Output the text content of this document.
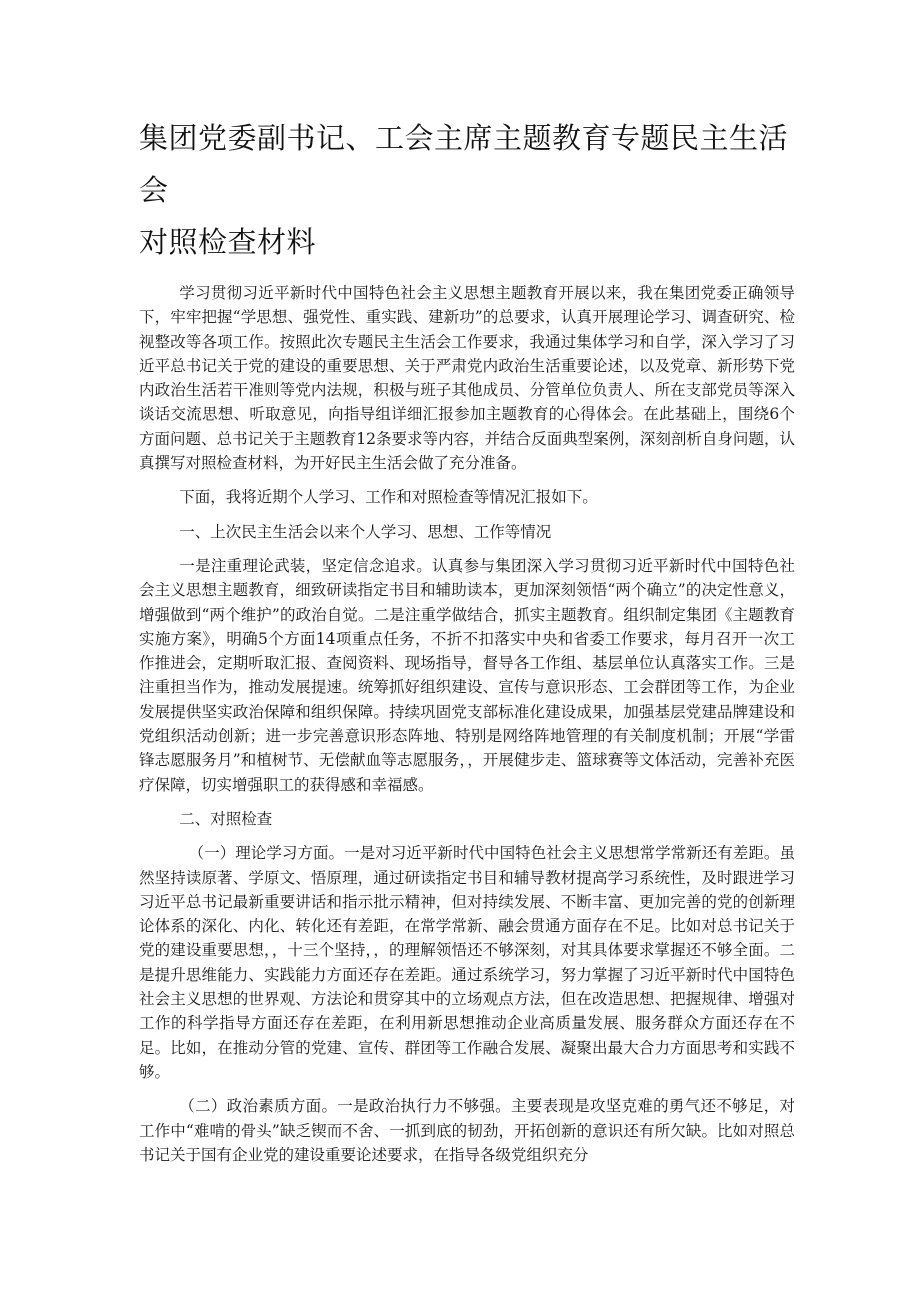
集团党委副书记、工会主席主题教育专题民主生活会
对照检查材料

学习贯彻习近平新时代中国特色社会主义思想主题教育开展以来，我在集团党委正确领导下，牢牢把握“学思想、强党性、重实践、建新功”的总要求，认真开展理论学习、调查研究、检视整改等各项工作。按照此次专题民主生活会工作要求，我通过集体学习和自学，深入学习了习近平总书记关于党的建设的重要思想、关于严肃党内政治生活重要论述，以及党章、新形势下党内政治生活若干准则等党内法规，积极与班子其他成员、分管单位负责人、所在支部党员等深入谈话交流思想、听取意见，向指导组详细汇报参加主题教育的心得体会。在此基础上，围绕6个方面问题、总书记关于主题教育12条要求等内容，并结合反面典型案例，深刻剖析自身问题，认真撰写对照检查材料，为开好民主生活会做了充分准备。

下面，我将近期个人学习、工作和对照检查等情况汇报如下。

一、上次民主生活会以来个人学习、思想、工作等情况

一是注重理论武装，坚定信念追求。认真参与集团深入学习贯彻习近平新时代中国特色社会主义思想主题教育，细致研读指定书目和辅助读本，更加深刻领悟“两个确立”的决定性意义，增强做到“两个维护”的政治自觉。二是注重学做结合，抓实主题教育。组织制定集团《主题教育实施方案》，明确5个方面14项重点任务，不折不扣落实中央和省委工作要求，每月召开一次工作推进会，定期听取汇报、查阅资料、现场指导，督导各工作组、基层单位认真落实工作。三是注重担当作为，推动发展提速。统筹抓好组织建设、宣传与意识形态、工会群团等工作，为企业发展提供坚实政治保障和组织保障。持续巩固党支部标准化建设成果，加强基层党建品牌建设和党组织活动创新；进一步完善意识形态阵地、特别是网络阵地管理的有关制度机制；开展“学雷锋志愿服务月”和植树节、无偿献血等志愿服务，，开展健步走、篮球赛等文体活动，完善补充医疗保障，切实增强职工的获得感和幸福感。

二、对照检查

（一）理论学习方面。一是对习近平新时代中国特色社会主义思想常学常新还有差距。虽然坚持读原著、学原文、悟原理，通过研读指定书目和辅导教材提高学习系统性，及时跟进学习习近平总书记最新重要讲话和指示批示精神，但对持续发展、不断丰富、更加完善的党的创新理论体系的深化、内化、转化还有差距，在常学常新、融会贯通方面存在不足。比如对总书记关于党的建设重要思想，，十三个坚持，，的理解领悟还不够深刻，对其具体要求掌握还不够全面。二是提升思维能力、实践能力方面还存在差距。通过系统学习，努力掌握了习近平新时代中国特色社会主义思想的世界观、方法论和贯穿其中的立场观点方法，但在改造思想、把握规律、增强对工作的科学指导方面还存在差距，在利用新思想推动企业高质量发展、服务群众方面还存在不足。比如，在推动分管的党建、宣传、群团等工作融合发展、凝聚出最大合力方面思考和实践不够。

（二）政治素质方面。一是政治执行力不够强。主要表现是攻坚克难的勇气还不够足，对工作中“难啃的骨头”缺乏锲而不舍、一抓到底的韧劲，开拓创新的意识还有所欠缺。比如对照总书记关于国有企业党的建设重要论述要求，在指导各级党组织充分
